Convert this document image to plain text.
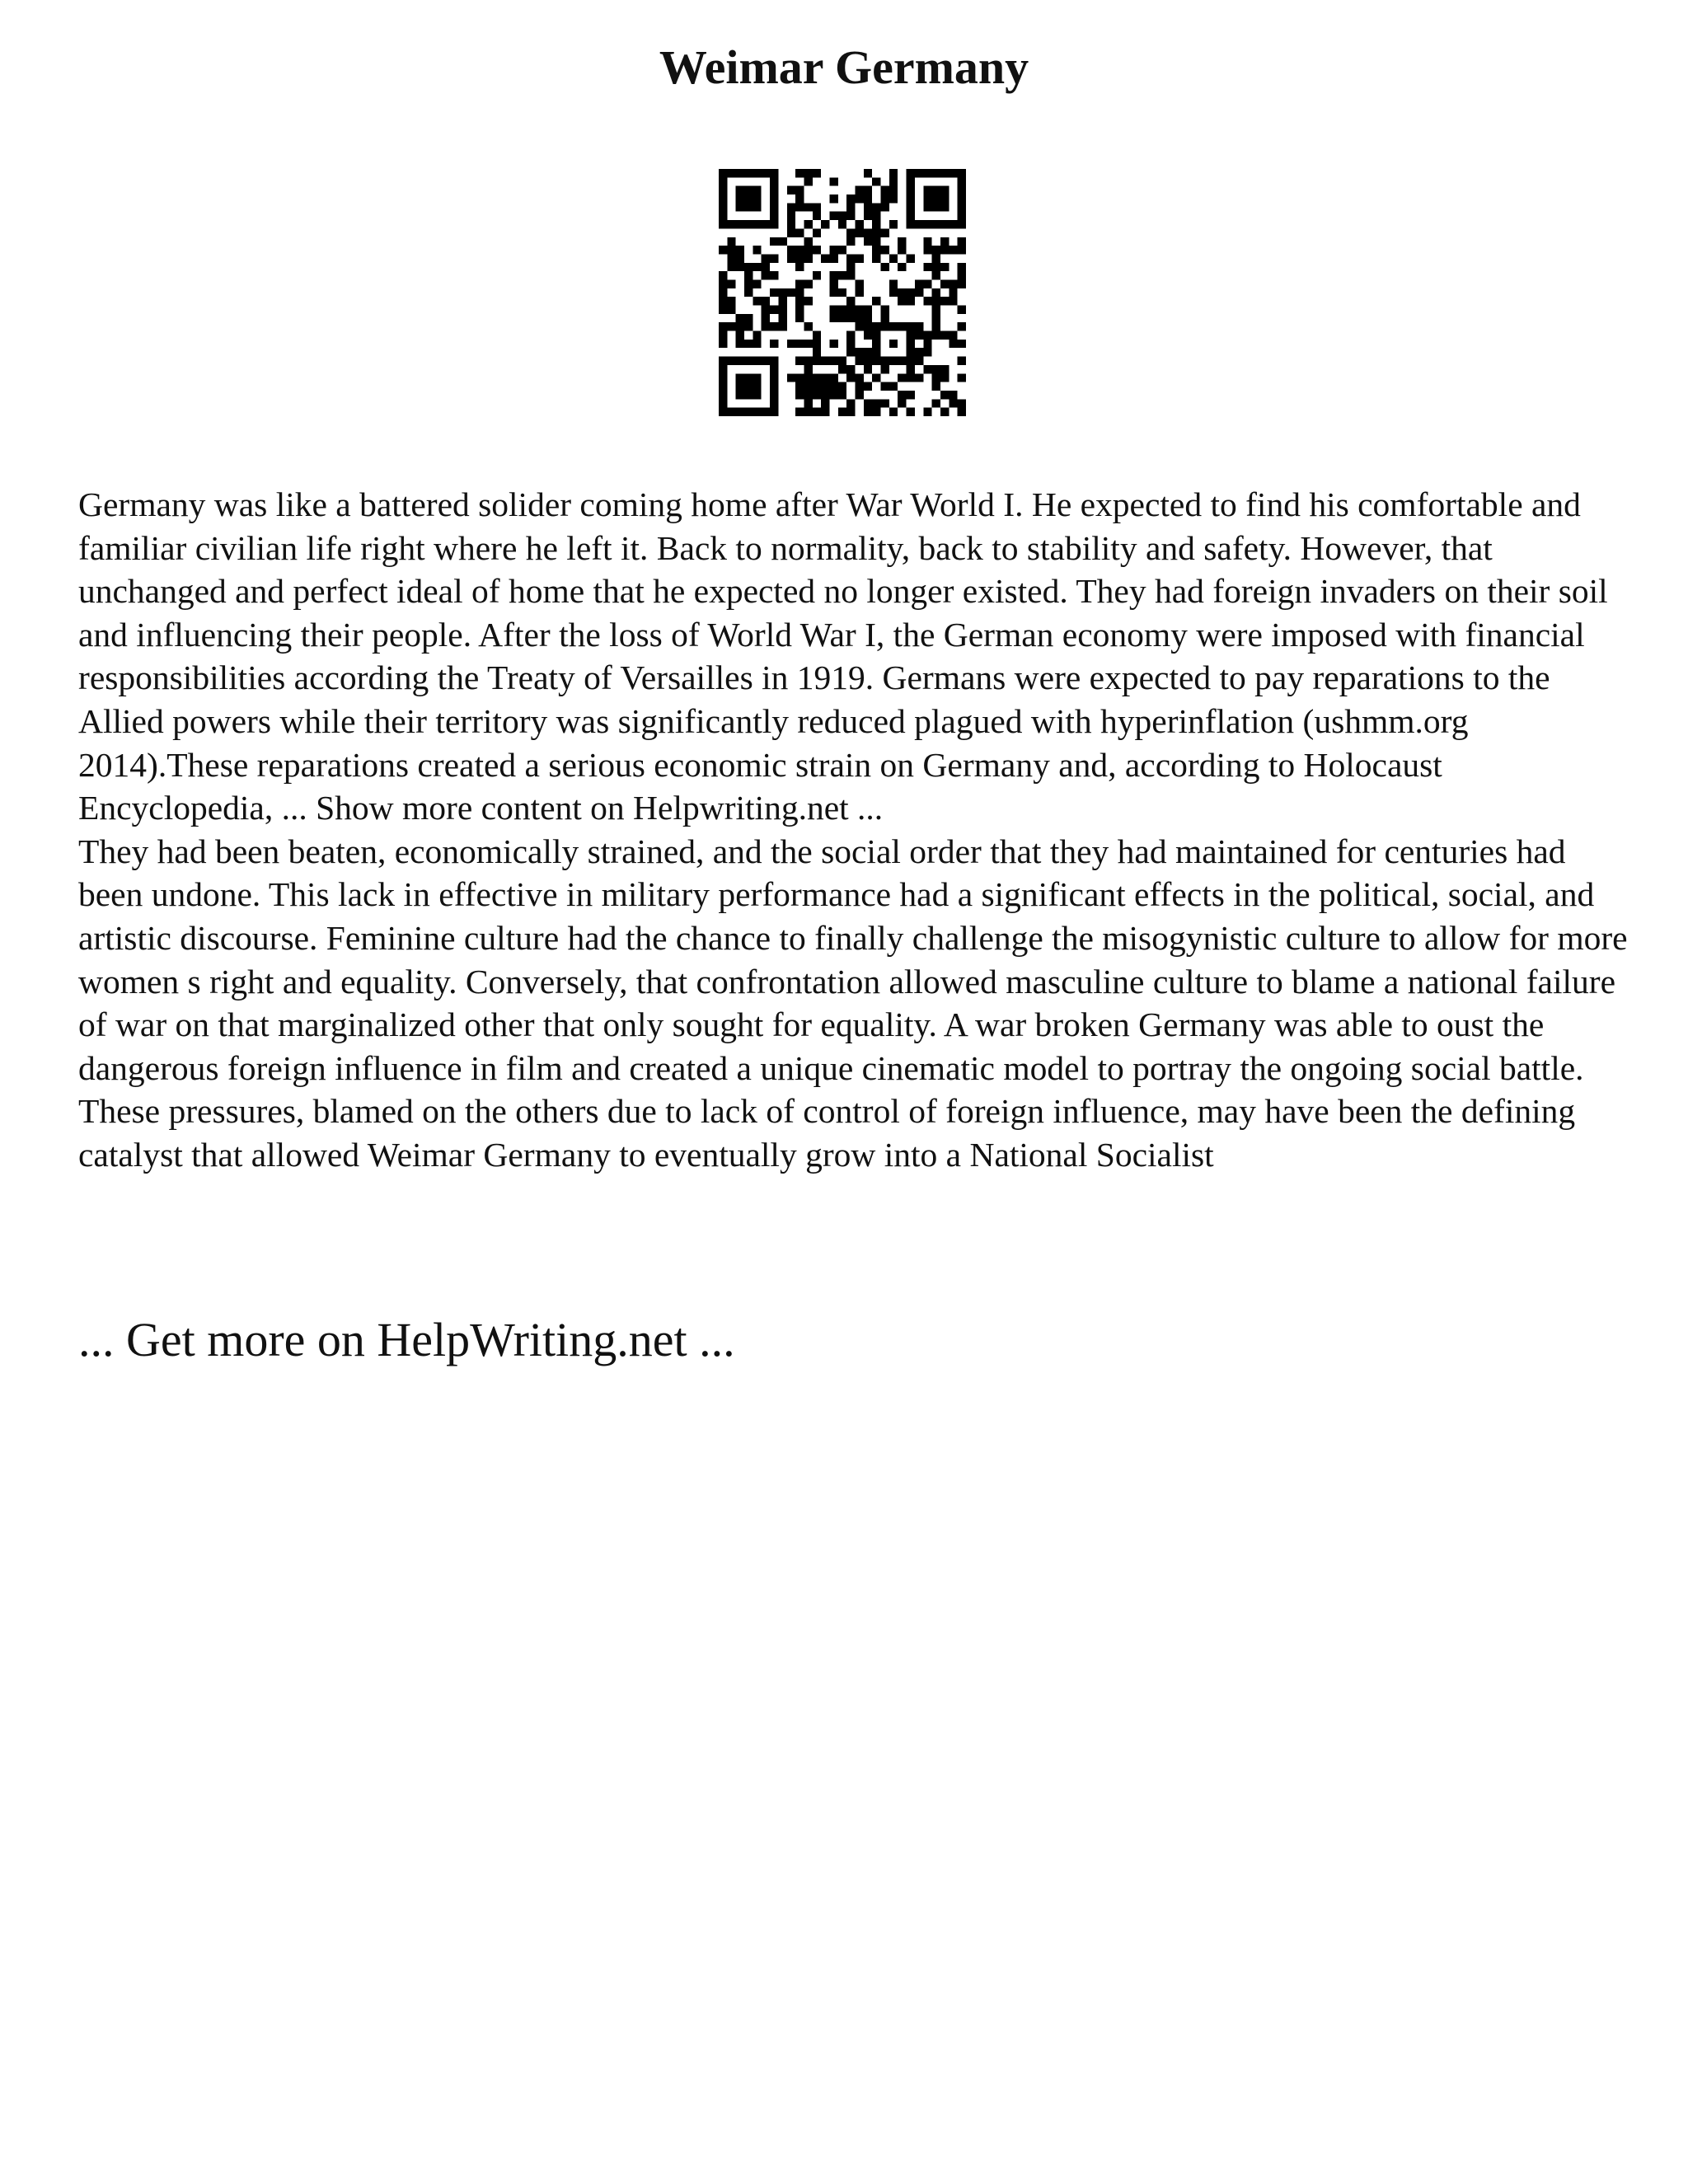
Weimar Germany

Germany was like a battered solider coming home after War World I. He expected to find his comfortable and familiar civilian life right where he left it. Back to normality, back to stability and safety. However, that unchanged and perfect ideal of home that he expected no longer existed. They had foreign invaders on their soil and influencing their people. After the loss of World War I, the German economy were imposed with financial responsibilities according the Treaty of Versailles in 1919. Germans were expected to pay reparations to the Allied powers while their territory was significantly reduced plagued with hyperinflation (ushmm.org 2014).These reparations created a serious economic strain on Germany and, according to Holocaust Encyclopedia, ... Show more content on Helpwriting.net ...

They had been beaten, economically strained, and the social order that they had maintained for centuries had been undone. This lack in effective in military performance had a significant effects in the political, social, and artistic discourse. Feminine culture had the chance to finally challenge the misogynistic culture to allow for more women s right and equality. Conversely, that confrontation allowed masculine culture to blame a national failure of war on that marginalized other that only sought for equality. A war broken Germany was able to oust the dangerous foreign influence in film and created a unique cinematic model to portray the ongoing social battle. These pressures, blamed on the others due to lack of control of foreign influence, may have been the defining catalyst that allowed Weimar Germany to eventually grow into a National Socialist

... Get more on HelpWriting.net ...
